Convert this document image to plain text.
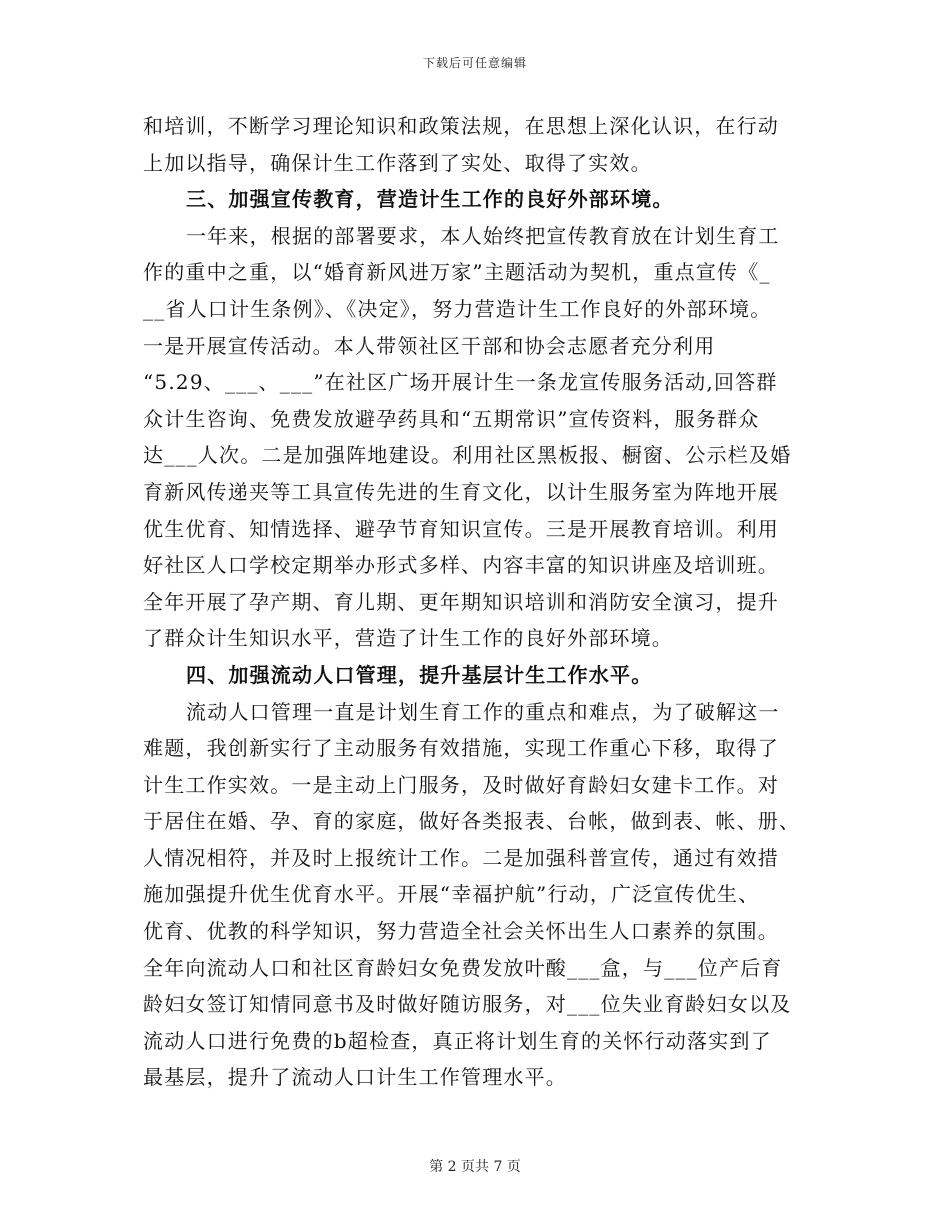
下载后可任意编辑
和培训，不断学习理论知识和政策法规，在思想上深化认识，在行动
上加以指导，确保计生工作落到了实处、取得了实效。
三、加强宣传教育，营造计生工作的良好外部环境。
一年来，根据的部署要求，本人始终把宣传教育放在计划生育工
作的重中之重，以“婚育新风进万家”主题活动为契机，重点宣传《_
__省人口计生条例》、《决定》，努力营造计生工作良好的外部环境。
一是开展宣传活动。本人带领社区干部和协会志愿者充分利用
“5.29、___、___”在社区广场开展计生一条龙宣传服务活动,回答群
众计生咨询、免费发放避孕药具和“五期常识”宣传资料，服务群众
达___人次。二是加强阵地建设。利用社区黑板报、橱窗、公示栏及婚
育新风传递夹等工具宣传先进的生育文化，以计生服务室为阵地开展
优生优育、知情选择、避孕节育知识宣传。三是开展教育培训。利用
好社区人口学校定期举办形式多样、内容丰富的知识讲座及培训班。
全年开展了孕产期、育儿期、更年期知识培训和消防安全演习，提升
了群众计生知识水平，营造了计生工作的良好外部环境。
四、加强流动人口管理，提升基层计生工作水平。
流动人口管理一直是计划生育工作的重点和难点，为了破解这一
难题，我创新实行了主动服务有效措施，实现工作重心下移，取得了
计生工作实效。一是主动上门服务，及时做好育龄妇女建卡工作。对
于居住在婚、孕、育的家庭，做好各类报表、台帐，做到表、帐、册、
人情况相符，并及时上报统计工作。二是加强科普宣传，通过有效措
施加强提升优生优育水平。开展“幸福护航”行动，广泛宣传优生、
优育、优教的科学知识，努力营造全社会关怀出生人口素养的氛围。
全年向流动人口和社区育龄妇女免费发放叶酸___盒，与___位产后育
龄妇女签订知情同意书及时做好随访服务，对___位失业育龄妇女以及
流动人口进行免费的b超检查，真正将计划生育的关怀行动落实到了
最基层，提升了流动人口计生工作管理水平。
第 2 页共 7 页
